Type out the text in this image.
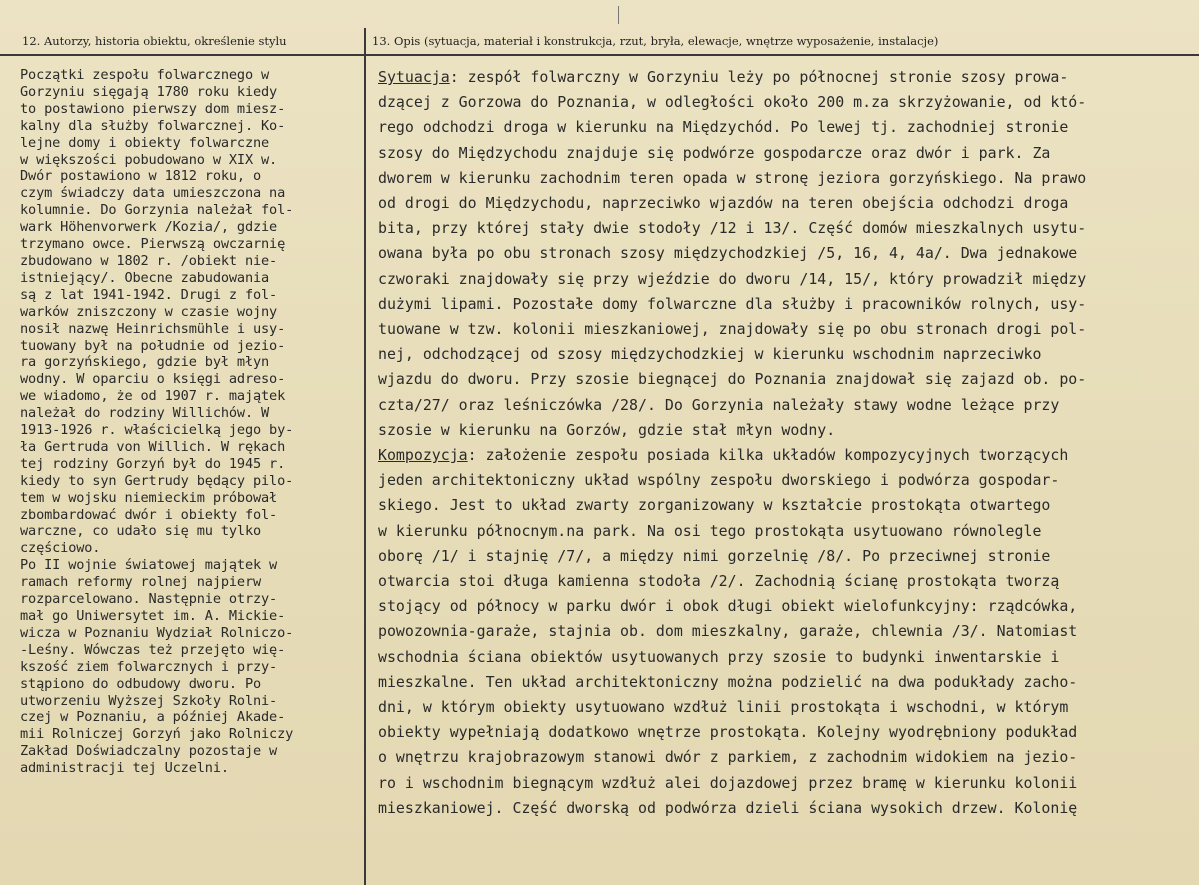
12. Autorzy, historia obiektu, określenie stylu	13. Opis (sytuacja, materiał i konstrukcja, rzut, bryła, elewacje, wnętrze wyposażenie, instalacje)
Początki zespołu folwarcznego w
Gorzyniu sięgają 1780 roku kiedy
to postawiono pierwszy dom miesz-
kalny dla służby folwarcznej. Ko-
lejne domy i obiekty folwarczne
w większości pobudowano w XIX w.
Dwór postawiono w 1812 roku, o
czym świadczy data umieszczona na
kolumnie. Do Gorzynia należał fol-
wark Höhenvorwerk /Kozia/, gdzie
trzymano owce. Pierwszą owczarnię
zbudowano w 1802 r. /obiekt nie-
istniejący/. Obecne zabudowania
są z lat 1941-1942. Drugi z fol-
warków zniszczony w czasie wojny
nosił nazwę Heinrichsmühle i usy-
tuowany był na południe od jezio-
ra gorzyńskiego, gdzie był młyn
wodny. W oparciu o księgi adreso-
we wiadomo, że od 1907 r. majątek
należał do rodziny Willichów. W
1913-1926 r. właścicielką jego by-
ła Gertruda von Willich. W rękach
tej rodziny Gorzyń był do 1945 r.
kiedy to syn Gertrudy będący pilo-
tem w wojsku niemieckim próbował
zbombardować dwór i obiekty fol-
warczne, co udało się mu tylko
częściowo.
Po II wojnie światowej majątek w
ramach reformy rolnej najpierw
rozparcelowano. Następnie otrzy-
mał go Uniwersytet im. A. Mickie-
wicza w Poznaniu Wydział Rolniczo-
-Leśny. Wówczas też przejęto wię-
kszość ziem folwarcznych i przy-
stąpiono do odbudowy dworu. Po
utworzeniu Wyższej Szkoły Rolni-
czej w Poznaniu, a później Akade-
mii Rolniczej Gorzyń jako Rolniczy
Zakład Doświadczalny pozostaje w
administracji tej Uczelni.
Sytuacja: zespół folwarczny w Gorzyniu leży po północnej stronie szosy prowa-
dzącej z Gorzowa do Poznania, w odległości około 200 m.za skrzyżowanie, od któ-
rego odchodzi droga w kierunku na Międzychód. Po lewej tj. zachodniej stronie
szosy do Międzychodu znajduje się podwórze gospodarcze oraz dwór i park. Za
dworem w kierunku zachodnim teren opada w stronę jeziora gorzyńskiego. Na prawo
od drogi do Międzychodu, naprzeciwko wjazdów na teren obejścia odchodzi droga
bita, przy której stały dwie stodoły /12 i 13/. Część domów mieszkalnych usytu-
owana była po obu stronach szosy międzychodzkiej /5, 16, 4, 4a/. Dwa jednakowe
czworaki znajdowały się przy wjeździe do dworu /14, 15/, który prowadził między
dużymi lipami. Pozostałe domy folwarczne dla służby i pracowników rolnych, usy-
tuowane w tzw. kolonii mieszkaniowej, znajdowały się po obu stronach drogi pol-
nej, odchodzącej od szosy międzychodzkiej w kierunku wschodnim naprzeciwko
wjazdu do dworu. Przy szosie biegnącej do Poznania znajdował się zajazd ob. po-
czta/27/ oraz leśniczówka /28/. Do Gorzynia należały stawy wodne leżące przy
szosie w kierunku na Gorzów, gdzie stał młyn wodny.
Kompozycja: założenie zespołu posiada kilka układów kompozycyjnych tworzących
jeden architektoniczny układ wspólny zespołu dworskiego i podwórza gospodar-
skiego. Jest to układ zwarty zorganizowany w kształcie prostokąta otwartego
w kierunku północnym.na park. Na osi tego prostokąta usytuowano równolegle
oborę /1/ i stajnię /7/, a między nimi gorzelnię /8/. Po przeciwnej stronie
otwarcia stoi długa kamienna stodoła /2/. Zachodnią ścianę prostokąta tworzą
stojący od północy w parku dwór i obok długi obiekt wielofunkcyjny: rządcówka,
powozownia-garaże, stajnia ob. dom mieszkalny, garaże, chlewnia /3/. Natomiast
wschodnia ściana obiektów usytuowanych przy szosie to budynki inwentarskie i
mieszkalne. Ten układ architektoniczny można podzielić na dwa podukłady zacho-
dni, w którym obiekty usytuowano wzdłuż linii prostokąta i wschodni, w którym
obiekty wypełniają dodatkowo wnętrze prostokąta. Kolejny wyodrębniony podukład
o wnętrzu krajobrazowym stanowi dwór z parkiem, z zachodnim widokiem na jezio-
ro i wschodnim biegnącym wzdłuż alei dojazdowej przez bramę w kierunku kolonii
mieszkaniowej. Część dworską od podwórza dzieli ściana wysokich drzew. Kolonię
